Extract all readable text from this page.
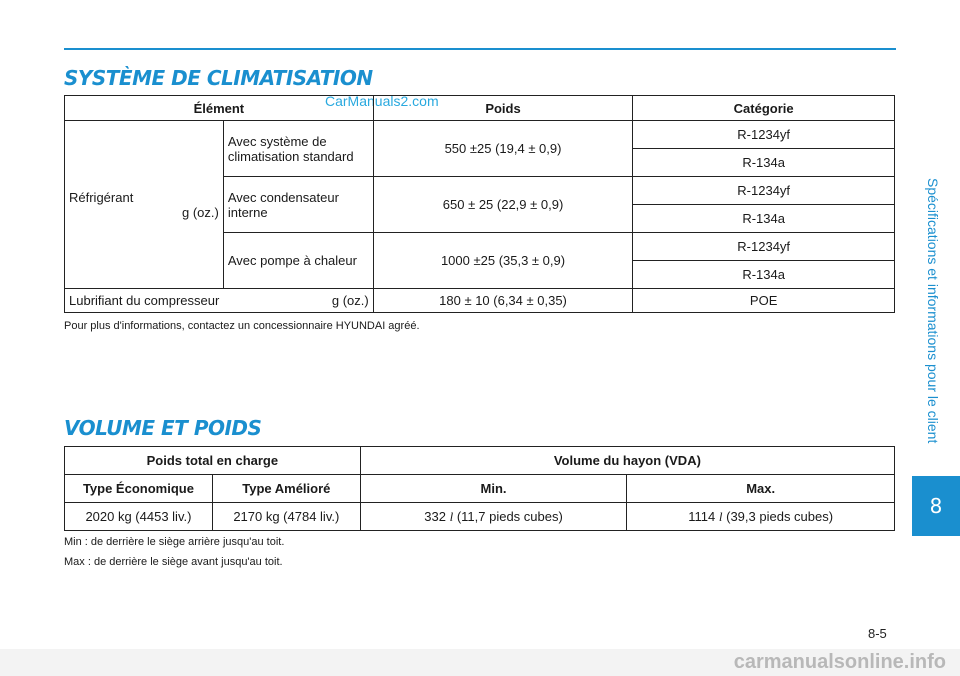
SYSTÈME DE CLIMATISATION
CarManuals2.com
Élément		Poids	Catégorie
Réfrigérant
g (oz.)	Avec système de climatisation standard	550 ±25 (19,4 ± 0,9)	R-1234yf
			R-134a
	Avec condensateur interne	650 ± 25 (22,9 ± 0,9)	R-1234yf
			R-134a
	Avec pompe à chaleur	1000 ±25 (35,3 ± 0,9)	R-1234yf
			R-134a

Lubrifiant du compresseur g (oz.)		180 ± 10 (6,34 ± 0,35)	POE

Pour plus d'informations, contactez un concessionnaire HYUNDAI agréé.

VOLUME ET POIDS
Poids total en charge		Volume du hayon (VDA)	
Type Économique	Type Amélioré	Min.	Max.
2020 kg (4453 liv.)	2170 kg (4784 liv.)	332 l (11,7 pieds cubes)	1114 l (39,3 pieds cubes)

Min : de derrière le siège arrière jusqu'au toit.

Max : de derrière le siège avant jusqu'au toit.

Spécifications et informations pour le client
8
8-5
carmanualsonline.info
